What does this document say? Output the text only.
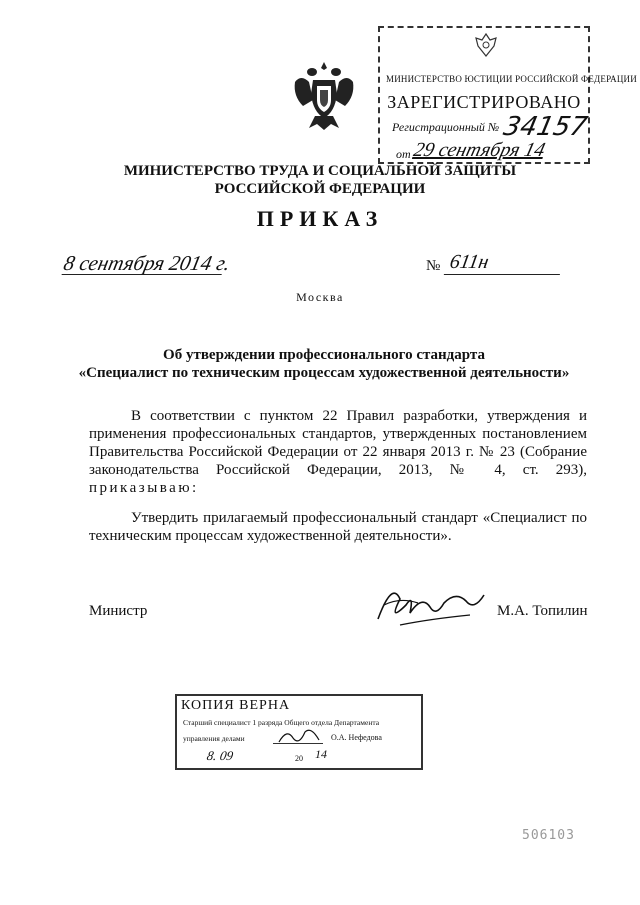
МИНИСТЕРСТВО ЮСТИЦИИ РОССИЙСКОЙ ФЕДЕРАЦИИ
ЗАРЕГИСТРИРОВАНО
Регистрационный № 34157
от 29 сентября 14
МИНИСТЕРСТВО ТРУДА И СОЦИАЛЬНОЙ ЗАЩИТЫ
РОССИЙСКОЙ ФЕДЕРАЦИИ
ПРИКАЗ
8 сентября 2014 г.	№ 611н
Москва
Об утверждении профессионального стандарта
«Специалист по техническим процессам художественной деятельности»
В соответствии с пунктом 22 Правил разработки, утверждения и применения профессиональных стандартов, утвержденных постановлением Правительства Российской Федерации от 22 января 2013 г. № 23 (Собрание законодательства Российской Федерации, 2013, № 4, ст. 293), приказываю:
Утвердить прилагаемый профессиональный стандарт «Специалист по техническим процессам художественной деятельности».
Министр	М.А. Топилин
КОПИЯ ВЕРНА
Старший специалист 1 разряда Общего отдела Департамента
управления делами	О.А. Нефедова
8. 09	20 14
506103
